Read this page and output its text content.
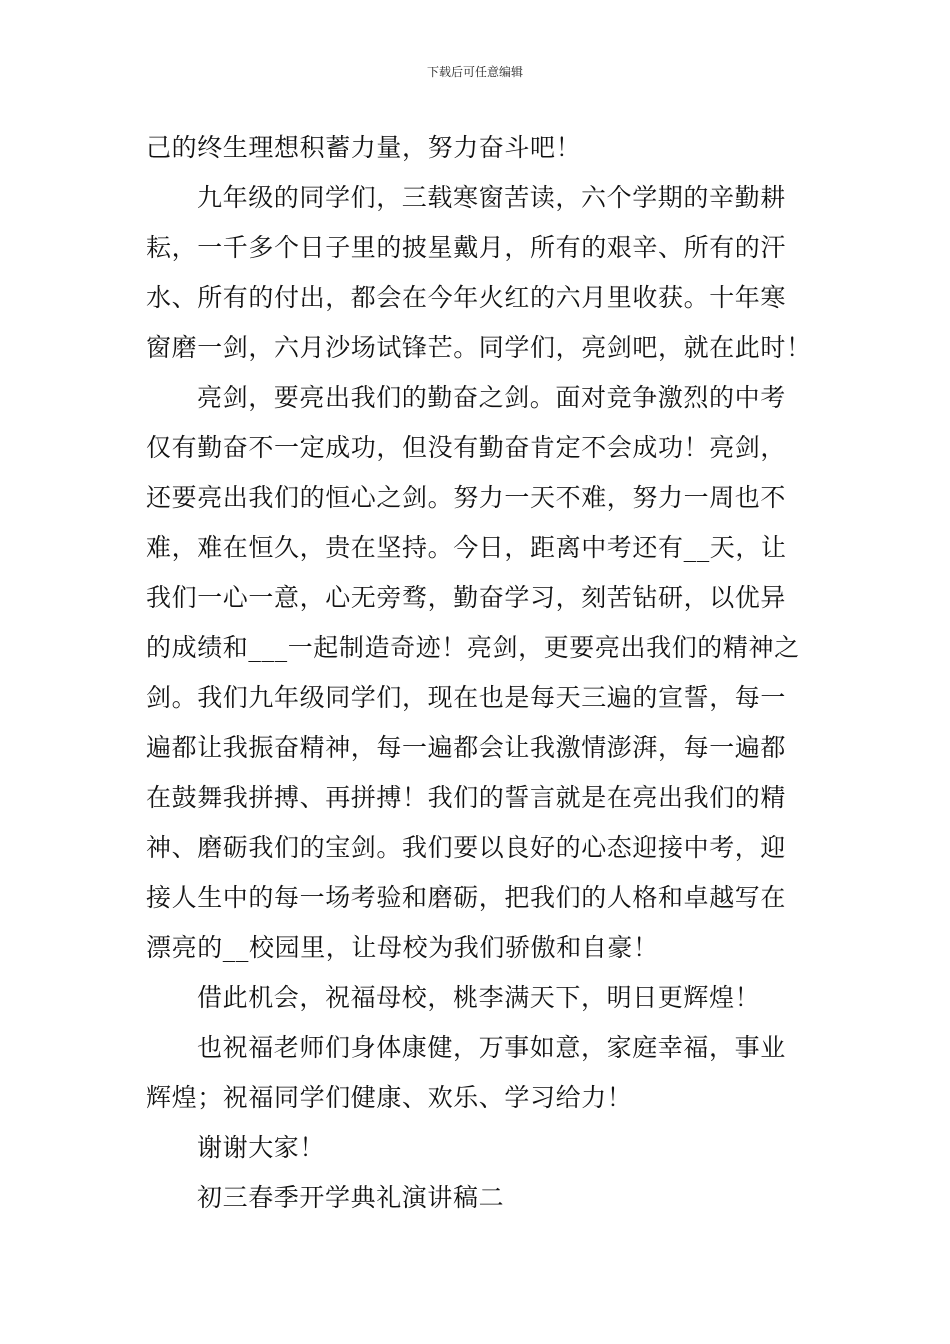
下载后可任意编辑
己的终生理想积蓄力量，努力奋斗吧！
九年级的同学们，三载寒窗苦读，六个学期的辛勤耕
耘，一千多个日子里的披星戴月，所有的艰辛、所有的汗
水、所有的付出，都会在今年火红的六月里收获。十年寒
窗磨一剑，六月沙场试锋芒。同学们，亮剑吧，就在此时！
亮剑，要亮出我们的勤奋之剑。面对竞争激烈的中考
仅有勤奋不一定成功，但没有勤奋肯定不会成功！亮剑，
还要亮出我们的恒心之剑。努力一天不难，努力一周也不
难，难在恒久，贵在坚持。今日，距离中考还有__天，让
我们一心一意，心无旁骛，勤奋学习，刻苦钻研，以优异
的成绩和___一起制造奇迹！亮剑，更要亮出我们的精神之
剑。我们九年级同学们，现在也是每天三遍的宣誓，每一
遍都让我振奋精神，每一遍都会让我激情澎湃，每一遍都
在鼓舞我拼搏、再拼搏！我们的誓言就是在亮出我们的精
神、磨砺我们的宝剑。我们要以良好的心态迎接中考，迎
接人生中的每一场考验和磨砺，把我们的人格和卓越写在
漂亮的__校园里，让母校为我们骄傲和自豪！
借此机会，祝福母校，桃李满天下，明日更辉煌！
也祝福老师们身体康健，万事如意，家庭幸福，事业
辉煌；祝福同学们健康、欢乐、学习给力！
谢谢大家！
初三春季开学典礼演讲稿二
